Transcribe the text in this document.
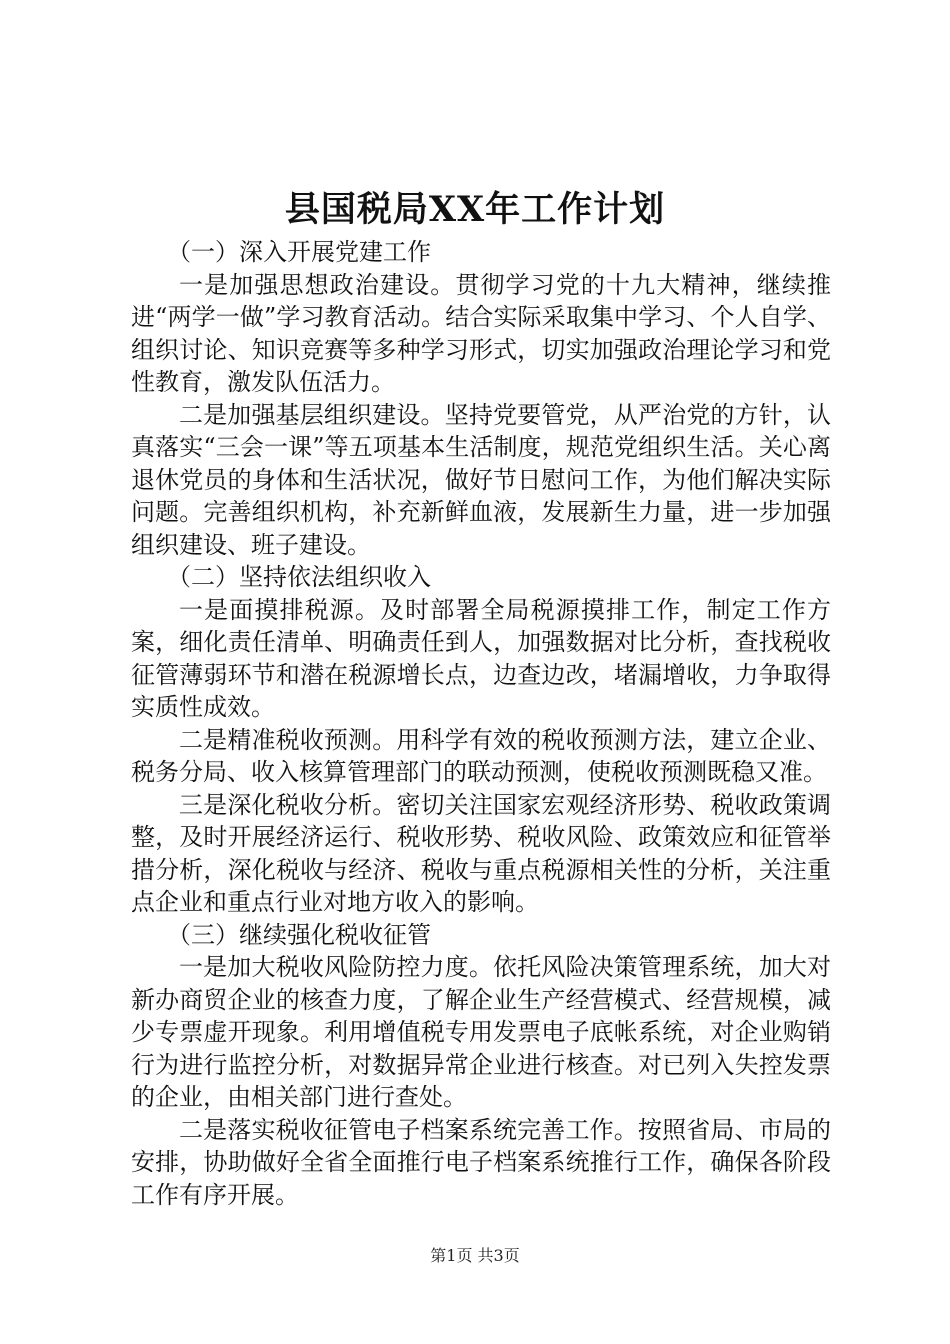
县国税局XX年工作计划

（一）深入开展党建工作

一是加强思想政治建设。贯彻学习党的十九大精神，继续推进“两学一做”学习教育活动。结合实际采取集中学习、个人自学、组织讨论、知识竞赛等多种学习形式，切实加强政治理论学习和党性教育，激发队伍活力。

二是加强基层组织建设。坚持党要管党，从严治党的方针，认真落实“三会一课”等五项基本生活制度，规范党组织生活。关心离退休党员的身体和生活状况，做好节日慰问工作，为他们解决实际问题。完善组织机构，补充新鲜血液，发展新生力量，进一步加强组织建设、班子建设。

（二）坚持依法组织收入

一是面摸排税源。及时部署全局税源摸排工作，制定工作方案，细化责任清单、明确责任到人，加强数据对比分析，查找税收征管薄弱环节和潜在税源增长点，边查边改，堵漏增收，力争取得实质性成效。

二是精准税收预测。用科学有效的税收预测方法，建立企业、税务分局、收入核算管理部门的联动预测，使税收预测既稳又准。

三是深化税收分析。密切关注国家宏观经济形势、税收政策调整，及时开展经济运行、税收形势、税收风险、政策效应和征管举措分析，深化税收与经济、税收与重点税源相关性的分析，关注重点企业和重点行业对地方收入的影响。

（三）继续强化税收征管

一是加大税收风险防控力度。依托风险决策管理系统，加大对新办商贸企业的核查力度，了解企业生产经营模式、经营规模，减少专票虚开现象。利用增值税专用发票电子底帐系统，对企业购销行为进行监控分析，对数据异常企业进行核查。对已列入失控发票的企业，由相关部门进行查处。

二是落实税收征管电子档案系统完善工作。按照省局、市局的安排，协助做好全省全面推行电子档案系统推行工作，确保各阶段工作有序开展。

第1页 共3页
